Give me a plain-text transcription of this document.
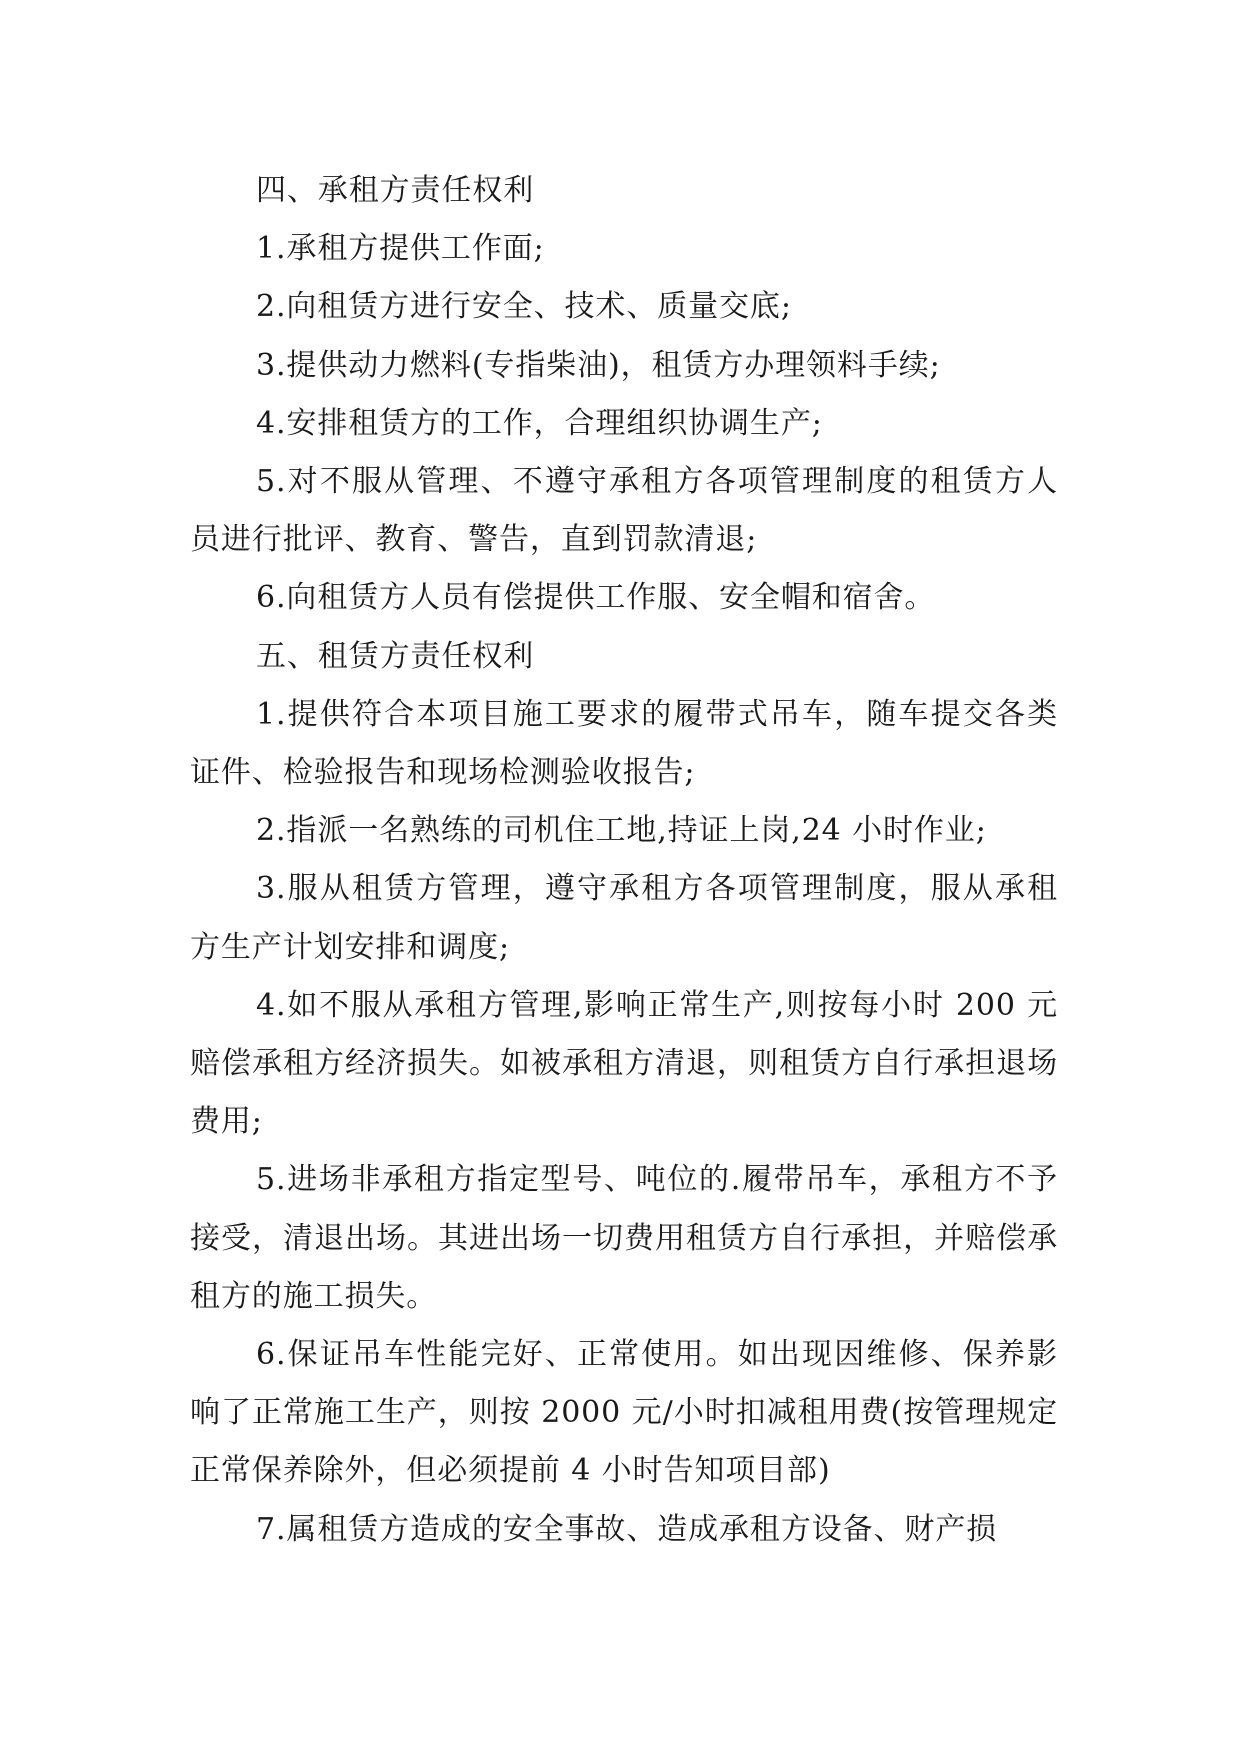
四、承租方责任权利

1.承租方提供工作面;

2.向租赁方进行安全、技术、质量交底;

3.提供动力燃料(专指柴油)，租赁方办理领料手续;

4.安排租赁方的工作，合理组织协调生产;

5.对不服从管理、不遵守承租方各项管理制度的租赁方人员进行批评、教育、警告，直到罚款清退;

6.向租赁方人员有偿提供工作服、安全帽和宿舍。

五、租赁方责任权利

1.提供符合本项目施工要求的履带式吊车，随车提交各类证件、检验报告和现场检测验收报告;

2.指派一名熟练的司机住工地,持证上岗,24 小时作业;

3.服从租赁方管理，遵守承租方各项管理制度，服从承租方生产计划安排和调度;

4.如不服从承租方管理,影响正常生产,则按每小时 200 元赔偿承租方经济损失。如被承租方清退，则租赁方自行承担退场费用;

5.进场非承租方指定型号、吨位的.履带吊车，承租方不予接受，清退出场。其进出场一切费用租赁方自行承担，并赔偿承租方的施工损失。

6.保证吊车性能完好、正常使用。如出现因维修、保养影响了正常施工生产，则按 2000 元/小时扣减租用费(按管理规定正常保养除外，但必须提前 4 小时告知项目部)

7.属租赁方造成的安全事故、造成承租方设备、财产损
